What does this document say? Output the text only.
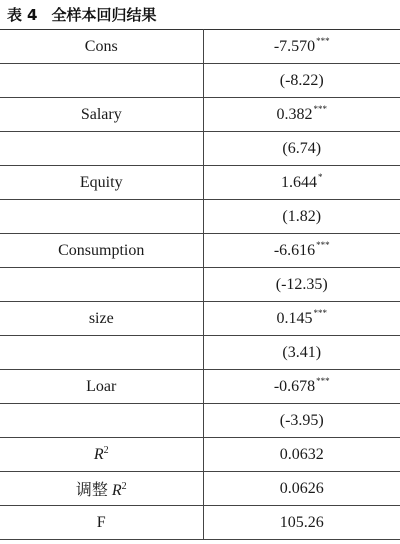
表 4 全样本回归结果
Cons	-7.570***
	(-8.22)
Salary	0.382***
	(6.74)
Equity	1.644*
	(1.82)
Consumption	-6.616***
	(-12.35)
size	0.145***
	(3.41)
Loar	-0.678***
	(-3.95)
$R^2$	0.0632
调整 $R^2$	0.0626
F	105.26
